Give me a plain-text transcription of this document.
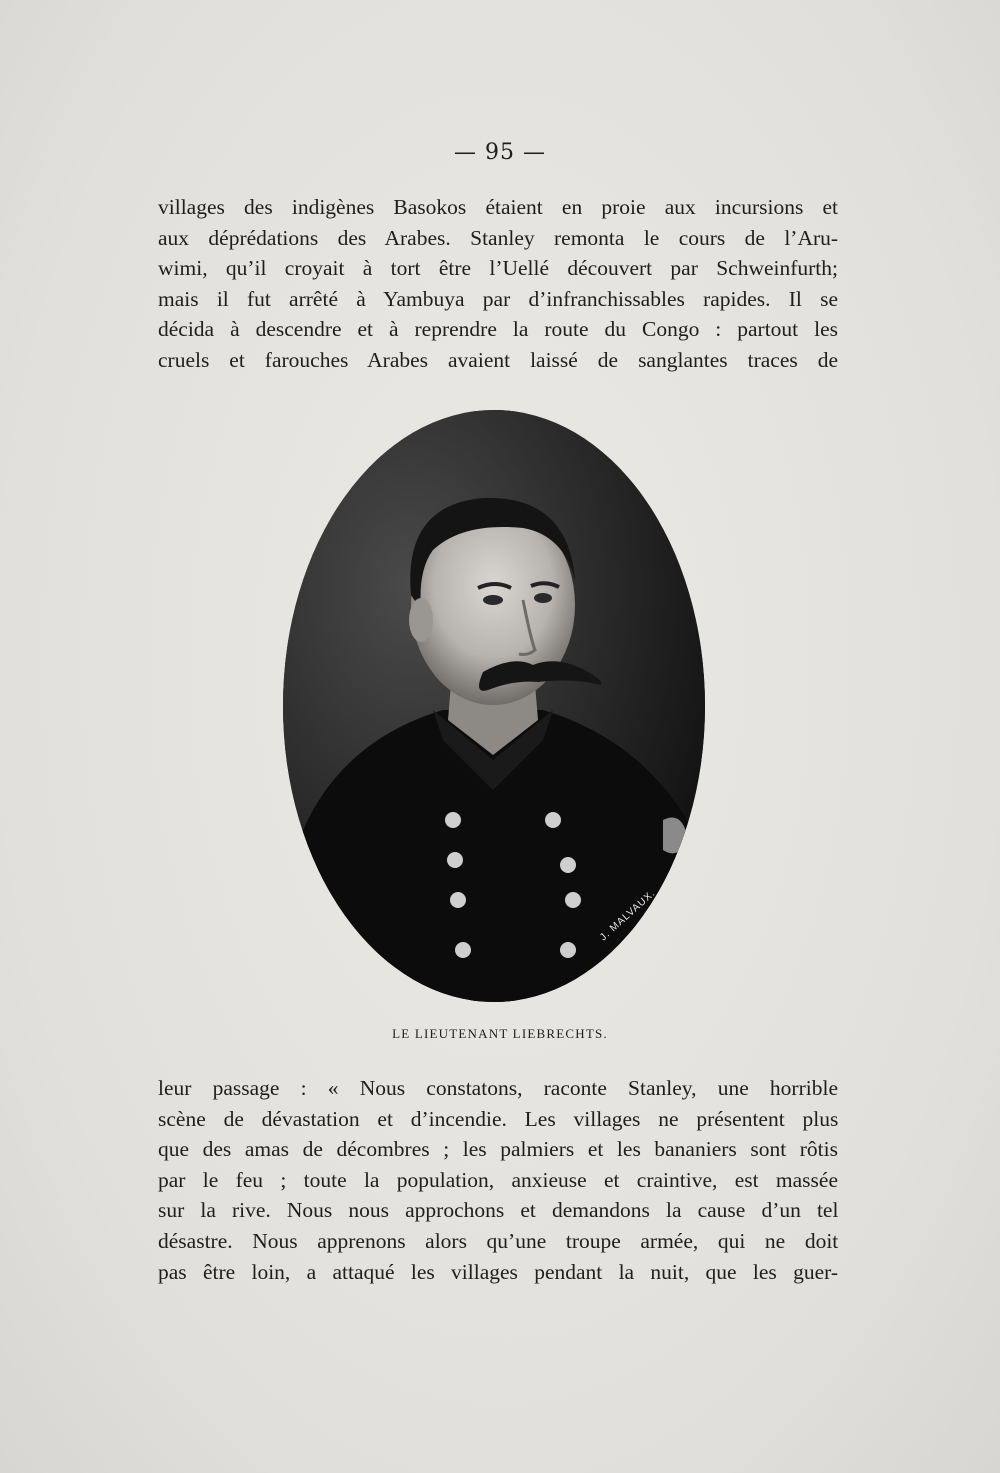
— 95 —
villages des indigènes Basokos étaient en proie aux incursions et
aux déprédations des Arabes. Stanley remonta le cours de l’Aru-
wimi, qu’il croyait à tort être l’Uellé découvert par Schweinfurth;
mais il fut arrêté à Yambuya par d’infranchissables rapides. Il se
décida à descendre et à reprendre la route du Congo : partout les
cruels et farouches Arabes avaient laissé de sanglantes traces de
J. MALVAUX.
LE LIEUTENANT LIEBRECHTS.
leur passage : « Nous constatons, raconte Stanley, une horrible
scène de dévastation et d’incendie. Les villages ne présentent plus
que des amas de décombres ; les palmiers et les bananiers sont rôtis
par le feu ; toute la population, anxieuse et craintive, est massée
sur la rive. Nous nous approchons et demandons la cause d’un tel
désastre. Nous apprenons alors qu’une troupe armée, qui ne doit
pas être loin, a attaqué les villages pendant la nuit, que les guer-
